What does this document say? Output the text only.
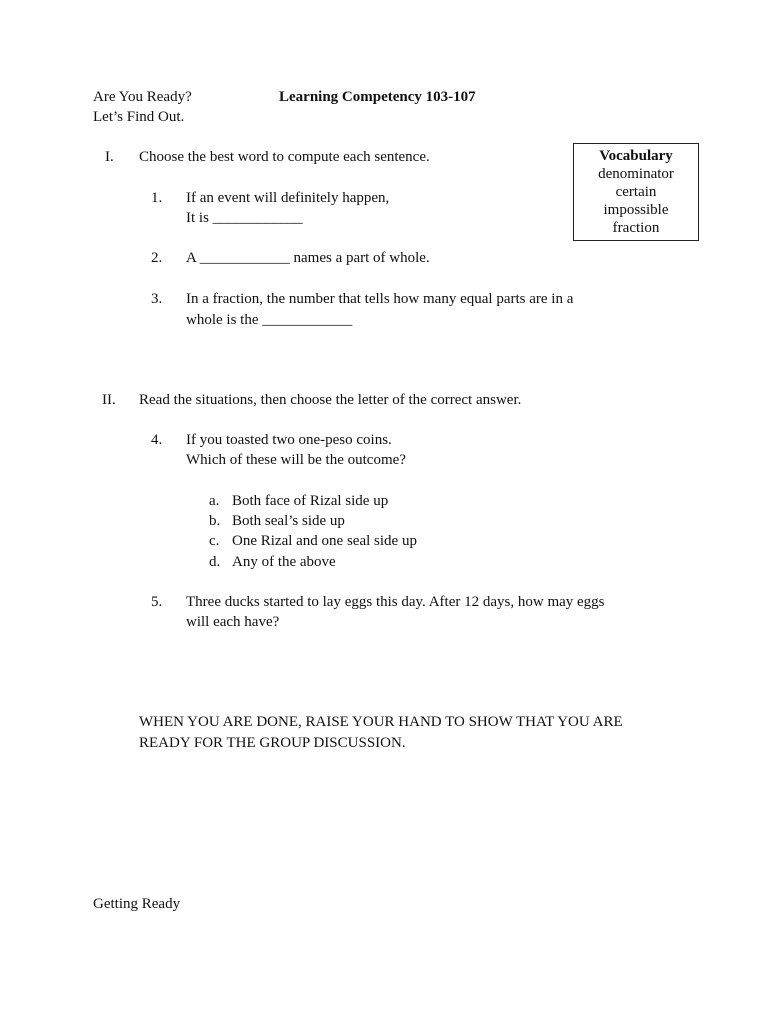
Are You Ready?	Learning Competency 103-107
Let’s Find Out.
Vocabulary
denominator
certain
impossible
fraction
I. Choose the best word to compute each sentence.
1. If an event will definitely happen,
It is ____________
2. A ____________ names a part of whole.
3. In a fraction, the number that tells how many equal parts are in a
whole is the ____________
II. Read the situations, then choose the letter of the correct answer.
4. If you toasted two one-peso coins.
Which of these will be the outcome?
a. Both face of Rizal side up
b. Both seal’s side up
c. One Rizal and one seal side up
d. Any of the above
5. Three ducks started to lay eggs this day. After 12 days, how may eggs
will each have?
WHEN YOU ARE DONE, RAISE YOUR HAND TO SHOW THAT YOU ARE
READY FOR THE GROUP DISCUSSION.
Getting Ready
